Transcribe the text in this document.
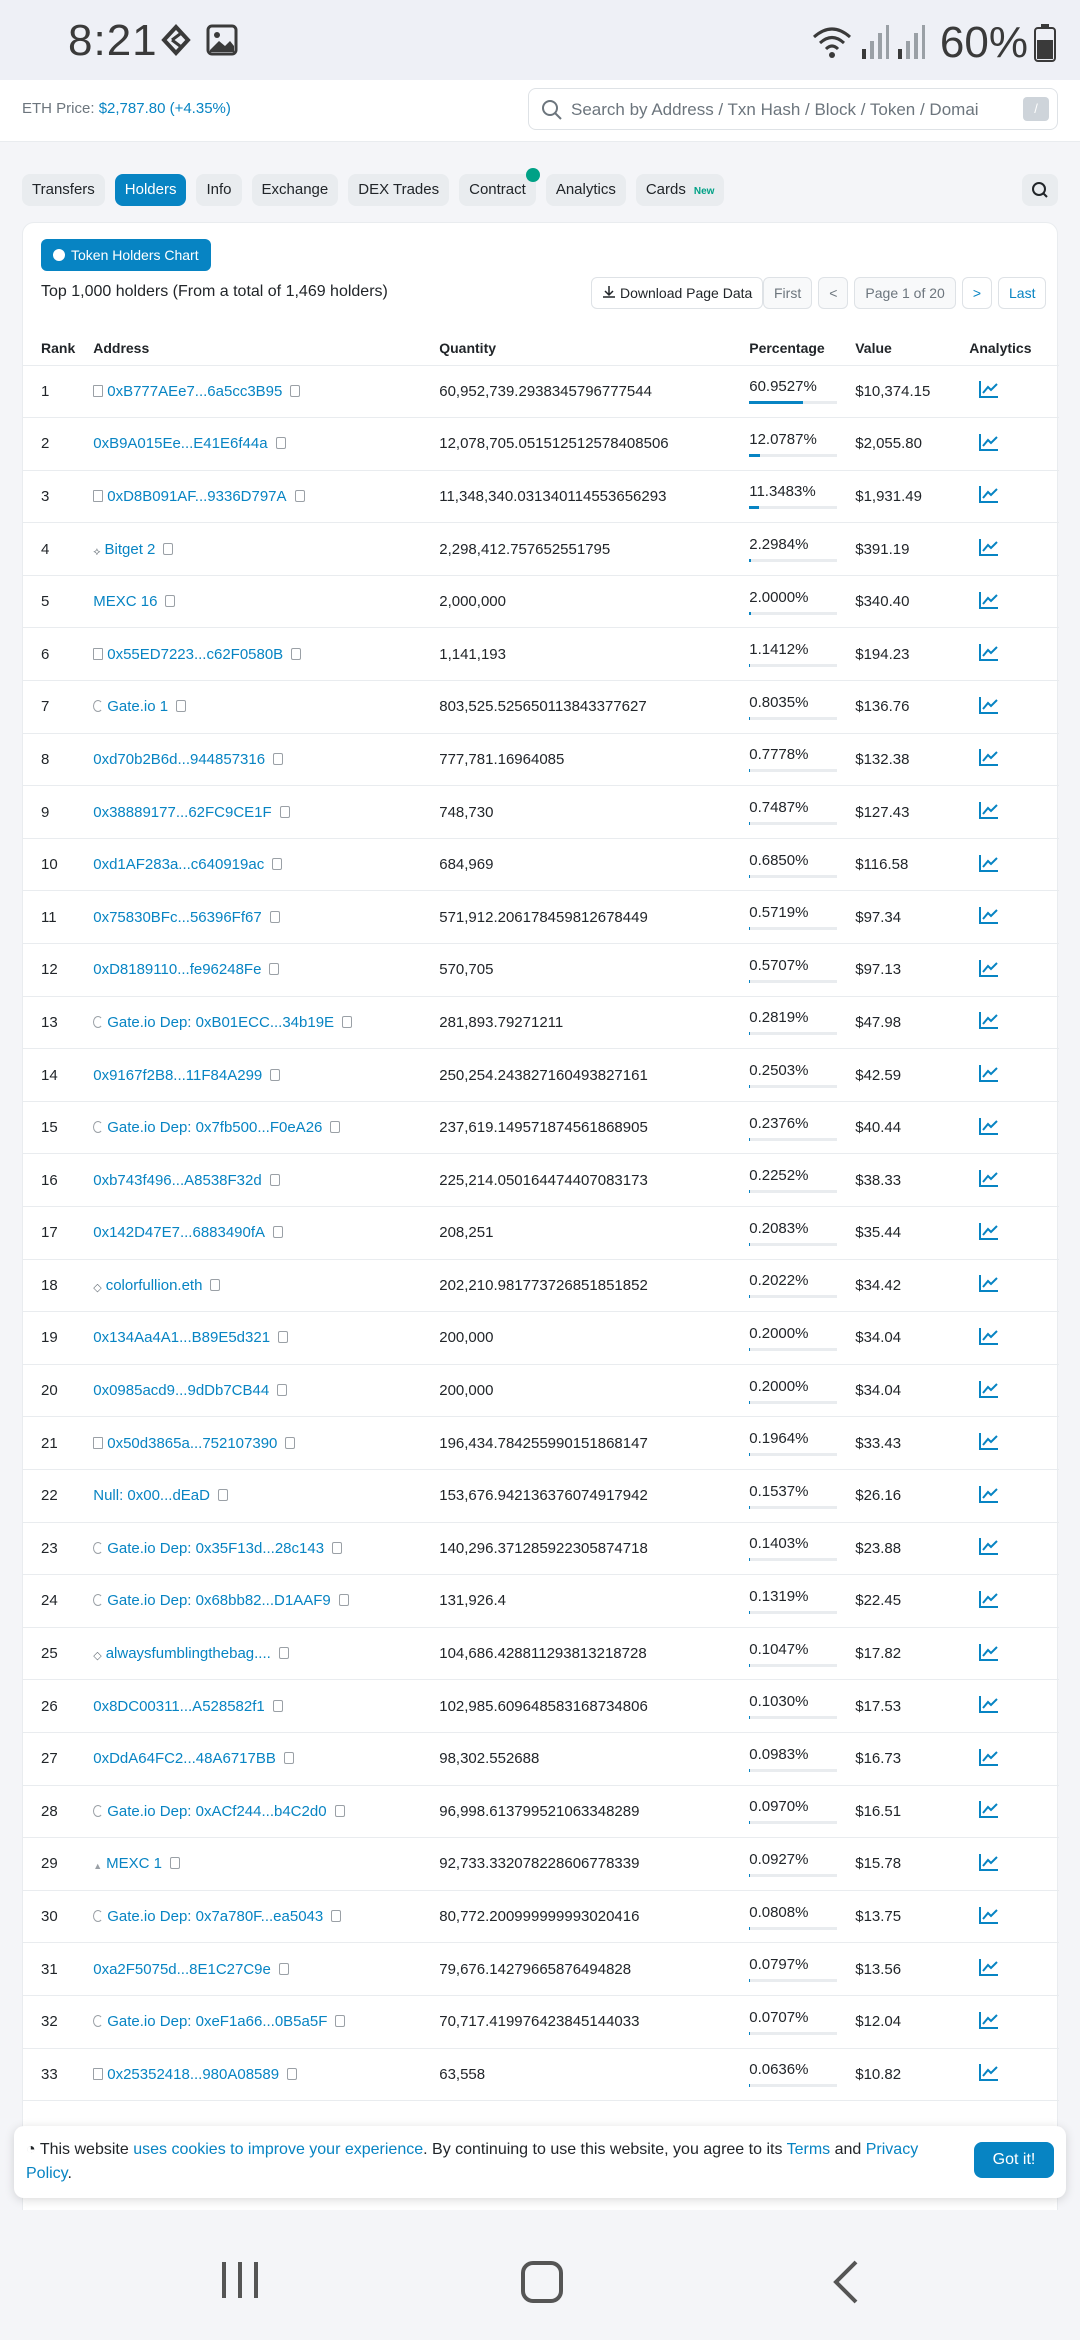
8:21	60%
ETH Price: $2,787.80 (+4.35%)	Search by Address / Txn Hash / Block / Token / Domai	/
Transfers	Holders	Info	Exchange	DEX Trades	Contract	Analytics	Cards New
Token Holders Chart
Top 1,000 holders (From a total of 1,469 holders)	Download Page Data	First	<	Page 1 of 20	>	Last
Rank	Address	Quantity	Percentage	Value	Analytics
1	0xB777AEe7...6a5cc3B95	60,952,739.2938345796777544	60.9527%	$10,374.15	
2	0xB9A015Ee...E41E6f44a	12,078,705.051512512578408506	12.0787%	$2,055.80	
3	0xD8B091AF...9336D797A	11,348,340.031340114553656293	11.3483%	$1,931.49	
4	⟡ Bitget 2	2,298,412.757652551795	2.2984%	$391.19	
5	MEXC 16	2,000,000	2.0000%	$340.40	
6	0x55ED7223...c62F0580B	1,141,193	1.1412%	$194.23	
7	Gate.io 1	803,525.525650113843377627	0.8035%	$136.76	
8	0xd70b2B6d...944857316	777,781.16964085	0.7778%	$132.38	
9	0x38889177...62FC9CE1F	748,730	0.7487%	$127.43	
10	0xd1AF283a...c640919ac	684,969	0.6850%	$116.58	
11	0x75830BFc...56396Ff67	571,912.206178459812678449	0.5719%	$97.34	
12	0xD8189110...fe96248Fe	570,705	0.5707%	$97.13	
13	Gate.io Dep: 0xB01ECC...34b19E	281,893.79271211	0.2819%	$47.98	
14	0x9167f2B8...11F84A299	250,254.243827160493827161	0.2503%	$42.59	
15	Gate.io Dep: 0x7fb500...F0eA26	237,619.149571874561868905	0.2376%	$40.44	
16	0xb743f496...A8538F32d	225,214.050164474407083173	0.2252%	$38.33	
17	0x142D47E7...6883490fA	208,251	0.2083%	$35.44	
18	◇ colorfullion.eth	202,210.981773726851851852	0.2022%	$34.42	
19	0x134Aa4A1...B89E5d321	200,000	0.2000%	$34.04	
20	0x0985acd9...9dDb7CB44	200,000	0.2000%	$34.04	
21	0x50d3865a...752107390	196,434.784255990151868147	0.1964%	$33.43	
22	Null: 0x00...dEaD	153,676.942136376074917942	0.1537%	$26.16	
23	Gate.io Dep: 0x35F13d...28c143	140,296.371285922305874718	0.1403%	$23.88	
24	Gate.io Dep: 0x68bb82...D1AAF9	131,926.4	0.1319%	$22.45	
25	◇ alwaysfumblingthebag....	104,686.428811293813218728	0.1047%	$17.82	
26	0x8DC00311...A528582f1	102,985.609648583168734806	0.1030%	$17.53	
27	0xDdA64FC2...48A6717BB	98,302.552688	0.0983%	$16.73	
28	Gate.io Dep: 0xACf244...b4C2d0	96,998.613799521063348289	0.0970%	$16.51	
29	▲ MEXC 1	92,733.332078228606778339	0.0927%	$15.78	
30	Gate.io Dep: 0x7a780F...ea5043	80,772.200999999993020416	0.0808%	$13.75	
31	0xa2F5075d...8E1C27C9e	79,676.14279665876494828	0.0797%	$13.56	
32	Gate.io Dep: 0xeF1a66...0B5a5F	70,717.419976423845144033	0.0707%	$12.04	
33	0x25352418...980A08589	63,558	0.0636%	$10.82	
◔ This website uses cookies to improve your experience. By continuing to use this website, you agree to its Terms and Privacy Policy.
Got it!
